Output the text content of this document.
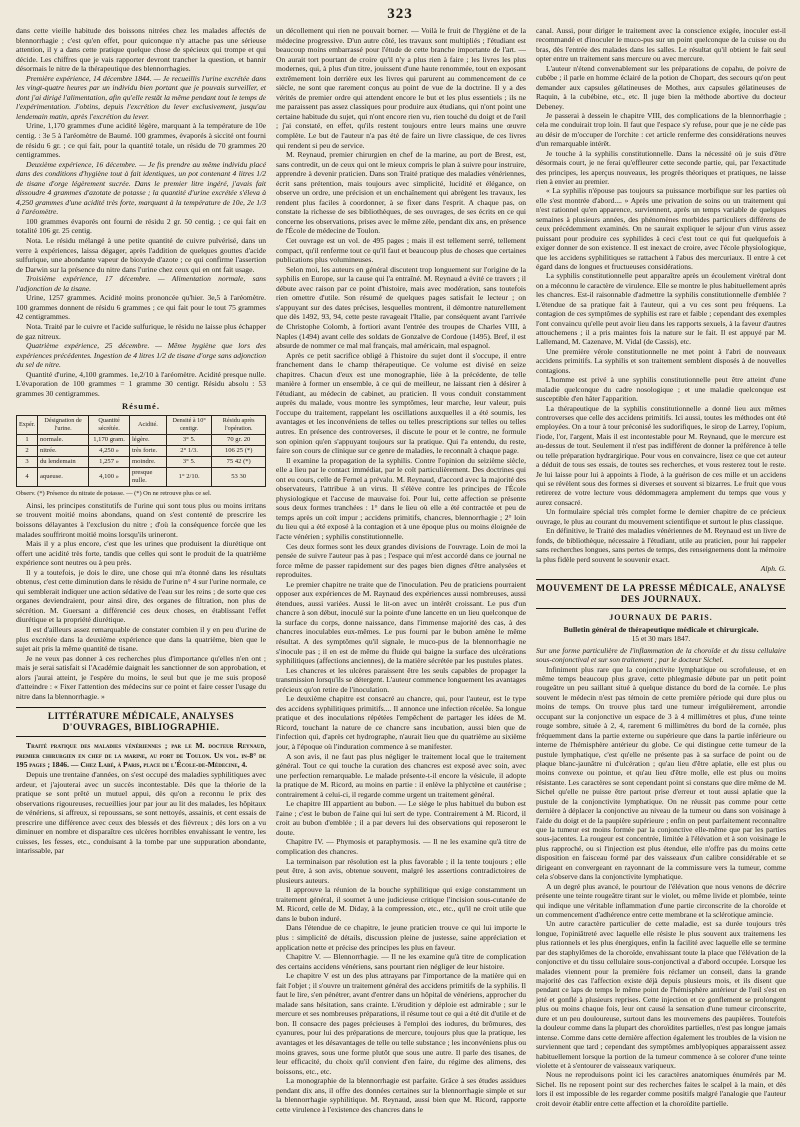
323

dans cette vieille habitude des boissons nitrées chez les malades affectés de blennorrhagie ; c'est qu'en effet, pour quiconque n'y attache pas une sérieuse attention, il y a dans cette pratique quelque chose de spécieux qui trompe et qui décide. Les chiffres que je vais rapporter devront trancher la question, et bannir désormais le nitre de la thérapeutique des blennorrhagies.

Première expérience, 14 décembre 1844. — Je recueillis l'urine excrétée dans les vingt-quatre heures par un individu bien portant que je pouvais surveiller, et dont j'ai dirigé l'alimentation, afin qu'elle restât la même pendant tout le temps de l'expérimentation. J'obtins, depuis l'excrétion du lever exclusivement, jusqu'au lendemain matin, après l'excrétion du lever.

Urine, 1,170 grammes d'une acidité légère, marquant à la température de 10e centig. : 3e 5 à l'aréomètre de Baumé. 100 grammes, évaporés à siccité ont fourni de résidu 6 gr. ; ce qui fait, pour la quantité totale, un résidu de 70 grammes 20 centigrammes.

Deuxième expérience, 16 décembre. — Je fis prendre au même individu placé dans des conditions d'hygiène tout à fait identiques, un pot contenant 4 litres 1/2 de tisane d'orge légèrement sucrée. Dans le premier litre ingéré, j'avais fait dissoudre 4 grammes d'azotate de potasse ; la quantité d'urine excrétée s'éleva à 4,250 grammes d'une acidité très forte, marquant à la température de 10e, 2e 1/3 à l'aréomètre.

100 grammes évaporés ont fourni de résidu 2 gr. 50 centig. ; ce qui fait en totalité 106 gr. 25 centig.

Nota. Le résidu mélangé à une petite quantité de cuivre pulvérisé, dans un verre à expériences, laissa dégager, après l'addition de quelques gouttes d'acide sulfurique, une abondante vapeur de bioxyde d'azote ; ce qui confirme l'assertion de Darwin sur la présence du nitre dans l'urine chez ceux qui en ont fait usage.

Troisième expérience, 17 décembre. — Alimentation normale, sans l'adjonction de la tisane.

Urine, 1257 grammes. Acidité moins prononcée qu'hier. 3e,5 à l'aréomètre. 100 grammes donnent de résidu 6 grammes ; ce qui fait pour le tout 75 grammes 42 centigrammes.

Nota. Traité par le cuivre et l'acide sulfurique, le résidu ne laisse plus échapper de gaz nitreux.

Quatrième expérience, 25 décembre. — Même hygiène que lors des expériences précédentes. Ingestion de 4 litres 1/2 de tisane d'orge sans adjonction du sel de nitre.

Quantité d'urine, 4,100 grammes. 1e,2/10 à l'aréomètre. Acidité presque nulle. L'évaporation de 100 grammes = 1 gramme 30 centigr. Résidu absolu : 53 grammes 30 centigrammes.

Résumé.
Expér.	Désignation de l'urine.	Quantité sécrétée.	Acidité.	Densité à 10° centigr.	Résidu après l'opération.
1	normale.	1,170 gram.	légère.	3° 5.	70 gr. 20
2	nitrée.	4,250 »	très forte.	2° 1/3.	106 25 (*)
3	du lendemain	1,257 »	moindre.	3° 5.	75 42 (*)
4	aqueuse.	4,100 »	presque nulle.	1° 2/10.	53 30
Observ. (*) Présence du nitrate de potasse. — (*) On ne retrouve plus ce sel.

Ainsi, les principes constitutifs de l'urine qui sont tous plus ou moins irritans se trouvent moitié moins abondans, quand on s'est contenté de prescrire les boissons délayantes à l'exclusion du nitre ; d'où la conséquence forcée que les malades souffriront moitié moins lorsqu'ils urineront.

Mais il y a plus encore, c'est que les urines que produisent la diurétique ont offert une acidité très forte, tandis que celles qui sont le produit de la quatrième expérience sont neutres ou à peu près.

Il y a toutefois, je dois le dire, une chose qui m'a étonné dans les résultats obtenus, c'est cette diminution dans le résidu de l'urine n° 4 sur l'urine normale, ce qui semblerait indiquer une action sédative de l'eau sur les reins ; de sorte que ces organes deviendraient, pour ainsi dire, des organes de filtration, non plus de sécrétion. M. Guersant a différencié ces deux choses, en établissant l'effet diurétique et la propriété diurétique.

Il est d'ailleurs assez remarquable de constater combien il y en peu d'urine de plus excrétée dans la deuxième expérience que dans la quatrième, bien que le sujet ait pris la même quantité de tisane.

Je ne veux pas donner à ces recherches plus d'importance qu'elles n'en ont ; mais je serai satisfait si l'Académie daignait les sanctionner de son approbation, et alors j'aurai atteint, je l'espère du moins, le seul but que je me suis proposé d'atteindre : « Fixer l'attention des médecins sur ce point et faire cesser l'usage du nitre dans la blennorrhagie. »

LITTÉRATURE MÉDICALE, ANALYSES D'OUVRAGES, BIBLIOGRAPHIE.

Traité pratique des maladies vénériennes ; par le M. docteur Reynaud, premier chirurgien en chef de la marine, au port de Toulon. Un vol. in-8° de 195 pages ; 1846. — Chez Labé, à Paris, place de l'École-de-Médecine, 4.

Depuis une trentaine d'années, on s'est occupé des maladies syphilitiques avec ardeur, et j'ajouterai avec un succès incontestable. Dès que la théorie de la pratique se sont prêté un mutuel appui, dès qu'on a reconnu le prix des observations rigoureuses, recueillies jour par jour au lit des malades, les hôpitaux de vénériens, si affreux, si repoussans, se sont nettoyés, assainis, et cent essais de prescrire une différence avec ceux des blessés et des fiévreux ; dès lors on a vu diminuer en nombre et disparaître ces ulcères horribles envahissant le ventre, les cuisses, les fesses, etc., conduisant à la tombe par une suppuration abondante, intarissable, par

un décollement qui rien ne pouvait borner. — Voilà le fruit de l'hygiène et de la médecine progressive. D'un autre côté, les travaux sont multipliés ; l'étudiant est beaucoup moins embarrassé pour l'étude de cette branche importante de l'art. — On aurait tort pourtant de croire qu'il n'y a plus rien à faire ; les livres les plus modernes, qui, à plus d'un titre, jouissent d'une haute renommée, tout en exposant extrêmement loin derrière eux les livres qui parurent au commencement de ce siècle, ne sont que rarement conçus au point de vue de la doctrine. Il y a des vérités de premier ordre qui attendent encore le but et les plus essentiels ; ils ne me paraissent pas assez classiques pour produire aux étudians, qui n'ont point une certaine habitude du sujet, qui n'ont encore rien vu, rien touché du doigt et de l'œil ; j'ai constaté, en effet, qu'ils restent toujours entre leurs mains une œuvre complète. Le but de l'auteur n'a pas été de faire un livre classique, de ces livres qui rendent si peu de service.

M. Reynaud, premier chirurgien en chef de la marine, au port de Brest, est, sans contredit, un de ceux qui ont le mieux compris le plan à suivre pour instruire, apprendre à devenir praticien. Dans son Traité pratique des maladies vénériennes, écrit sans prétention, mais toujours avec simplicité, lucidité et élégance, on observe un ordre, une précision et un enchaînement qui abrègent les travaux, les rendent plus faciles à coordonner, à se fixer dans l'esprit. A chaque pas, on constate la richesse de ses bibliothèques, de ses ouvrages, de ses écrits en ce qui concerne les observations, prises avec le même zèle, pendant dix ans, en présence de l'École de médecine de Toulon.

Cet ouvrage est un vol. de 495 pages ; mais il est tellement serré, tellement compact, qu'il renferme tout ce qu'il faut et beaucoup plus de choses que certaines publications plus volumineuses.

Selon moi, les auteurs en général discutent trop longuement sur l'origine de la syphilis en Europe, sur la cause qui l'a entraîné. M. Reynaud a évité ce travers ; il débute avec raison par ce point d'histoire, mais avec modération, sans toutefois rien omettre d'utile. Son résumé de quelques pages satisfait le lecteur ; on s'appuyant sur des dates précises, lesquelles montrent, il démontre naturellement que dès 1492, 93, 94, cette peste ravageait l'Italie, par conséquent avant l'arrivée de Christophe Colomb, à fortiori avant l'entrée des troupes de Charles VIII, à Naples (1494) avant celle des soldats de Gonzalve de Cordoue (1495). Bref, il est absurde de nommer ce mal mal français, mal américain, mal espagnol.

Après ce petit sacrifice obligé à l'histoire du sujet dont il s'occupe, il entre franchement dans le champ thérapeutique. Ce volume est divisé en seize chapitres. Chacun d'eux est une monographie, liée à la précédente, de telle manière à former un ensemble, à ce qui de meilleur, ne laissant rien à désirer à l'étudiant, au médecin de cabinet, au praticien. Il vous conduit constamment auprès du malade, vous montre les symptômes, leur marche, leur valeur, puis l'occupe du traitement, rappelant les oscillations auxquelles il a été soumis, les avantages et les inconvéniens de telles ou telles prescriptions sur telles ou telles autres. En présence des controverses, il discute le pour et le contre, ne formule son opinion qu'en s'appuyant toujours sur la pratique. Qui l'a entendu, du reste, faire son cours de clinique sur ce genre de maladies, le reconnaît à chaque page.

Il examine la propagation de la syphilis. Contre l'opinion du seizième siècle, elle a lieu par le contact immédiat, par le coït particulièrement. Des doctrines qui ont eu cours, celle de Fernel a prévalu. M. Reynaud, d'accord avec la majorité des observateurs, l'attribue à un virus. Il s'élève contre les principes de l'École physiologique et l'accuse de mauvaise foi. Pour lui, cette affection se présente sous deux formes tranchées : 1° dans le lieu où elle a été contractée et peu de temps après un coït impur ; accidens primitifs, chancres, blennorrhagie ; 2° loin du lieu qui a été exposé à la contagion et à une époque plus ou moins éloignée de l'acte vénérien ; syphilis constitutionnelle.

Ces deux formes sont les deux grandes divisions de l'ouvrage. Loin de moi la pensée de suivre l'auteur pas à pas ; l'espace qui m'est accordé dans ce journal ne force même de passer rapidement sur des pages bien dignes d'être analysées et reproduites.

Le premier chapitre ne traite que de l'inoculation. Peu de praticiens pourraient opposer aux expériences de M. Raynaud des expériences aussi nombreuses, aussi étendues, aussi variées. Aussi le lit-on avec un intérêt croissant. Le pus d'un chancre à son début, inoculé sur la pointe d'une lancette en un lieu quelconque de la surface du corps, donne naissance, dans l'immense majorité des cas, à des chancres inoculables eux-mêmes. Le pus fourni par le bubon amène le même résultat. A des symptômes qu'il signale, le muco-pus de la blennorrhagie ne s'inocule pas ; il en est de même du fluide qui baigne la surface des ulcérations syphilitiques (affections anciennes), de la matière sécrétée par les pustules plates.

Les chancres et les ulcères paraissent être les seuls capables de propager la transmission lorsqu'ils se détergent. L'auteur commence longuement les avantages précieux qu'on retire de l'inoculation.

Le deuxième chapitre est consacré au chancre, qui, pour l'auteur, est le type des accidens syphilitiques primitifs.... Il annonce une infection récelée. Sa longue pratique et des inoculations répétées l'empêchent de partager les idées de M. Ricord, touchant la nature de ce chancre sans incubation, aussi bien que de l'infection qui, d'après cet hydrographe, n'aurait lieu que du quatrième au sixième jour, à l'époque où l'induration commence à se manifester.

A son avis, il ne faut pas plus négliger le traitement local que le traitement général. Tout ce qui touche la curation des chancres est exposé avec soin, avec une perfection remarquable. Le malade présente-t-il encore la vésicule, il adopte la pratique de M. Ricord, au moins en partie : il enlève la phlyctène et cautérise ; contrairement à celui-ci, il regarde comme urgent un traitement général.

Le chapitre III appartient au bubon. — Le siège le plus habituel du bubon est l'aine ; c'est le bubon de l'aine qui lui sert de type. Contrairement à M. Ricord, il croit au bubon d'emblée ; il a par devers lui des observations qui reposeront le doute.

Chapitre IV. — Phymosis et paraphymosis. — Il ne les examine qu'à titre de complication des chancres.

La terminaison par résolution est la plus favorable ; il la tente toujours ; elle peut être, à son avis, obtenue souvent, malgré les assertions contradictoires de plusieurs auteurs.

Il approuve la réunion de la bouche syphilitique qui exige constamment un traitement général, il soumet à une judicieuse critique l'incision sous-cutanée de M. Ricord, celle de M. Diday, à la compression, etc., etc., qu'il ne croit utile que dans le bubon induré.

Dans l'étendue de ce chapitre, le jeune praticien trouve ce qui lui importe le plus : simplicité de détails, discussion pleine de justesse, saine appréciation et application nette et précise des principes les plus en faveur.

Chapitre V. — Blennorrhagie. — Il ne les examine qu'à titre de complication des certains accidens vénériens, sans pourtant rien négliger de leur histoire.

Le chapitre V est un des plus attrayans par l'importance de la matière qui en fait l'objet ; il s'ouvre un traitement général des accidens primitifs de la syphilis. Il faut le lire, s'en pénétrer, avant d'entrer dans un hôpital de vénériens, approcher du malade sans hésitation, sans crainte. L'érudition y déploie est admirable ; sur le mercure et ses nombreuses préparations, il résume tout ce qui a été dit d'utile et de bon. Il consacre des pages précieuses à l'emploi des iodures, du brômures, des cyanures, pour lui des préparations de mercure, toujours plus que la pratique, les avantages et les désavantages de telle ou telle substance ; les inconvéniens plus ou moins graves, sous une forme plutôt que sous une autre. Il parle des tisanes, de leur efficacité, du choix qu'il convient d'en faire, du régime des alimens, des boissons, etc., etc.

La monographie de la blennorrhagie est parfaite. Grâce à ses études assidues pendant dix ans, il offre des données certaines sur la blennorrhagie simple et sur la blennorrhagie syphilitique. M. Reynaud, aussi bien que M. Ricord, rapporte cette virulence à l'existence des chancres dans le

canal. Aussi, pour diriger le traitement avec la conscience exigée, inoculer est-il recommandé et d'inoculer le muco-pus sur un point quelconque de la cuisse ou du bras, dès l'entrée des malades dans les salles. Le résultat qu'il obtient le fait seul opter entre un traitement sans mercure ou avec mercure.

L'auteur n'étend convenablement sur les préparations de copahu, de poivre de cubèbe ; il parle en homme éclairé de la potion de Chopart, des secours qu'on peut demander aux capsules gélatineuses de Mothes, aux capsules gélatineuses de Raquin, à la cubébine, etc., etc. Il juge bien la méthode abortive du docteur Debeney.

Je passerai à dessein le chapitre VIII, des complications de la blennorrhagie ; cela me conduirait trop loin. Il faut que l'espace s'y refuse, pour que je ne cède pas au désir de m'occuper de l'orchite : cet article renferme des considérations neuves d'un remarquable intérêt.

Je touche à la syphilis constitutionnelle. Dans la nécessité où je suis d'être désormais court, je ne ferai qu'effleurer cette seconde partie, qui, par l'exactitude des principes, les aperçus nouveaux, les progrès théoriques et pratiques, ne laisse rien à envier au premier.

« La syphilis n'épouse pas toujours sa puissance morbifique sur les parties où elle s'est montrée d'abord.... » Après une privation de soins ou un traitement qui n'est rationnel qu'en apparence, surviennent, après un temps variable de quelques semaines à plusieurs années, des phénomènes morbides particuliers différens de ceux précédemment examinés. On ne saurait expliquer le séjour d'un virus assez puissant pour produire ces syphilides à ceci c'est tout ce qui fut quelquefois à exiger donner de son existence. Il est inexact de croire, avec l'école physiologique, que les accidens syphilitiques se rattachent à l'abus des mercuriaux. Il entre à cet égard dans de longues et fructueuses considérations.

La syphilis constitutionnelle peut apparaître après un écoulement virétral dont on a méconnu le caractère de virulence. Elle se montre le plus habituellement après les chancres. Est-il raisonnable d'admettre la syphilis constitutionnelle d'emblée ? L'étendue de sa pratique fait à l'auteur, qui a vu ces sont peu fréquens. La contagion de ces symptômes de syphilis est rare et faible ; cependant des exemples l'ont convaincu qu'elle peut avoir lieu dans les rapports sexuels, à la faveur d'autres attouchemens ; il a pris maintes fois la nature sur le fait. Il est appuyé par M. Lallemand, M. Cazenave, M. Vidal (de Cassis), etc.

Une première vérole constitutionnelle ne met point à l'abri de nouveaux accidens primitifs. La syphilis et son traitement semblent disposés à de nouvelles contagions.

L'homme est privé à une syphilis constitutionnelle peut être atteint d'une maladie quelconque du cadre nosologique ; et une maladie quelconque est susceptible d'en hâter l'apparition.

La thérapeutique de la syphilis constitutionnelle a donné lieu aux mêmes controverses que celle des accidens primitifs. Ici aussi, toutes les méthodes ont été employées. On a tour à tour préconisé les sudorifiques, le sirop de Larrey, l'opium, l'iode, l'or, l'argent, Mais il est incontestable pour M. Reynaud, que le mercure est au-dessus de tout. Seulement il n'est pas indifférent de donner la préférence à telle ou telle préparation hydrargirique. Pour vous en convaincre, lisez ce que cet auteur a déduit de tous ses essais, de toutes ses recherches, et vous resterez tout le reste. Je lui laisse pour lui à appoints à l'iode, à la guérison de ces mille et un accidens qui se révèlent sous des formes si diverses et souvent si bizarres. Le fruit que vous retirerez de votre lecture vous dédommagera amplement du temps que vous y aurez consacré.

Un formulaire spécial très complet forme le dernier chapitre de ce précieux ouvrage, le plus au courant du mouvement scientifique et surtout le plus classique.

En définitive, le Traité des maladies vénériennes de M. Reynaud est un livre de fonds, de bibliothèque, nécessaire à l'étudiant, utile au praticien, pour lui rappeler sans recherches longues, sans pertes de temps, des renseignemens dont la mémoire la plus fidèle perd souvent le souvenir exact.

Alph. G.
MOUVEMENT DE LA PRESSE MÉDICALE, ANALYSE DES JOURNAUX.
JOURNAUX DE PARIS.
Bulletin général de thérapeutique médicale et chirurgicale.
15 et 30 mars 1847.

Sur une forme particulière de l'inflammation de la choroïde et du tissu cellulaire sous-conjonctival et sur son traitement ; par le docteur Sichel.

Infiniment plus rare que la conjonctivite lymphatique ou scrofuleuse, et en même temps beaucoup plus grave, cette phlegmasie débute par un petit point rougeâtre un peu saillant situé à quelque distance du bord de la cornée. Le plus souvent le médecin n'est pas témoin de cette première période qui dure plus ou moins de temps. On trouve plus tard une tumeur irrégulièrement, arrondie occupant sur la conjonctive un espace de 3 à 4 millimètres et plus, d'une teinte rouge sombre, située à 2, 4, rarement 6 millimètres du bord de la cornée, plus fréquemment dans la partie externe ou supérieure que dans la partie inférieure ou interne de l'hémisphère antérieur du globe. Ce qui distingue cette tumeur de la pustule lymphatique, c'est qu'elle ne présente pas à sa surface de point ou de plaque blanc-jaunâtre ni d'ulcération ; qu'au lieu d'être aplatie, elle est plus ou moins convexe ou pointue, et qu'au lieu d'être molle, elle est plus ou moins résistante. Les caractères se sont cependant point si constans que dire même de M. Sichel qu'elle ne puisse être partout prise d'erreur et tout aussi aplatie que la pustule de la conjonctivite lymphatique. On ne réussit pas comme pour cette dernière à déplacer la conjonctive au niveau de la tumeur ou dans son voisinage à l'aide du doigt et de la paupière supérieure ; enfin on peut parfaitement reconnaître que la tumeur est moins formée par la conjonctive elle-même que par les parties sous-jacentes. La rougeur est concentrée, limitée à l'élévation et à son voisinage le plus rapproché, ou si l'injection est plus étendue, elle n'offre pas du moins cette disposition en faisceau formé par des vaisseaux d'un calibre considérable et se dirigeant en convergeant en rayonnant de la commissure vers la tumeur, comme cela s'observe dans la conjonctivite lymphatique.

A un degré plus avancé, le pourtour de l'élévation que nous venons de décrire présente une teinte rougeâtre tirant sur le violet, ou même livide et plombée, teinte qui indique une véritable inflammation d'une partie circonscrite de la choroïde et un commencement d'adhérence entre cette membrane et la sclérotique amincie.

Un autre caractère particulier de cette maladie, est sa durée toujours très longue, l'opiniâtreté avec laquelle elle résiste le plus souvent aux traitemens les plus rationnels et les plus énergiques, enfin la facilité avec laquelle elle se termine par des staphylômes de la choroïde, envahissant toute la place que l'élévation de la conjonctive et du tissu cellulaire sous-conjonctival a d'abord occupée. Lorsque les malades viennent pour la première fois réclamer un conseil, dans la grande majorité des cas l'affection existe déjà depuis plusieurs mois, et ils disent que pendant ce laps de temps le même point de l'hémisphère antérieur de l'œil s'est en jeté et gonflé à plusieurs reprises. Cette injection et ce gonflement se prolongent plus ou moins chaque fois, leur ont causé la sensation d'une tumeur circonscrite, dure et un peu douloureuse, surtout dans les mouvemens des paupières. Toutefois la douleur comme dans la plupart des choroïdites partielles, n'est pas longue jamais intense. Comme dans cette dernière affection également les troubles de la vision ne surviennent que tard ; cependant des symptômes amblyopiques apparaissent assez habituellement lorsque la portion de la tumeur commence à se colorer d'une teinte violette et à s'entourer de vaisseaux variqueux.

Nous ne reproduisons point ici les caractères anatomiques énumérés par M. Sichel. Ils ne reposent point sur des recherches faites le scalpel à la main, et dès lors il est impossible de les regarder comme positifs malgré l'analogie que l'auteur croit devoir établir entre cette affection et la choroïdite partielle.
